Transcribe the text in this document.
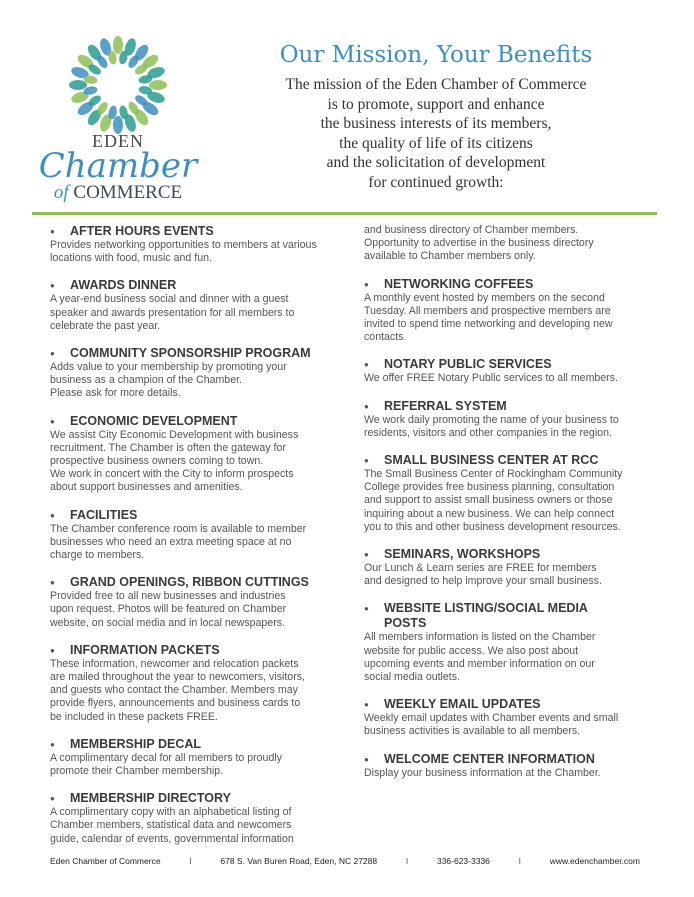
EDEN
Chamber
of COMMERCE
Our Mission, Your Benefits
The mission of the Eden Chamber of Commerce
is to promote, support and enhance
the business interests of its members,
the quality of life of its citizens
and the solicitation of development
for continued growth:
● AFTER HOURS EVENTS
Provides networking opportunities to members at various
locations with food, music and fun.
● AWARDS DINNER
A year-end business social and dinner with a guest
speaker and awards presentation for all members to
celebrate the past year.
● COMMUNITY SPONSORSHIP PROGRAM
Adds value to your membership by promoting your
business as a champion of the Chamber.
Please ask for more details.
● ECONOMIC DEVELOPMENT
We assist City Economic Development with business
recruitment. The Chamber is often the gateway for
prospective business owners coming to town.
We work in concert with the City to inform prospects
about support businesses and amenities.
● FACILITIES
The Chamber conference room is available to member
businesses who need an extra meeting space at no
charge to members.
● GRAND OPENINGS, RIBBON CUTTINGS
Provided free to all new businesses and industries
upon request. Photos will be featured on Chamber
website, on social media and in local newspapers.
● INFORMATION PACKETS
These information, newcomer and relocation packets
are mailed throughout the year to newcomers, visitors,
and guests who contact the Chamber. Members may
provide flyers, announcements and business cards to
be included in these packets FREE.
● MEMBERSHIP DECAL
A complimentary decal for all members to proudly
promote their Chamber membership.
● MEMBERSHIP DIRECTORY
A complimentary copy with an alphabetical listing of
Chamber members, statistical data and newcomers
guide, calendar of events, governmental information
and business directory of Chamber members.
Opportunity to advertise in the business directory
available to Chamber members only.
● NETWORKING COFFEES
A monthly event hosted by members on the second
Tuesday. All members and prospective members are
invited to spend time networking and developing new
contacts.
● NOTARY PUBLIC SERVICES
We offer FREE Notary Public services to all members.
● REFERRAL SYSTEM
We work daily promoting the name of your business to
residents, visitors and other companies in the region.
● SMALL BUSINESS CENTER AT RCC
The Small Business Center of Rockingham Community
College provides free business planning, consultation
and support to assist small business owners or those
inquiring about a new business. We can help connect
you to this and other business development resources.
● SEMINARS, WORKSHOPS
Our Lunch & Learn series are FREE for members
and designed to help improve your small business.
● WEBSITE LISTING/SOCIAL MEDIA
POSTS
All members information is listed on the Chamber
website for public access. We also post about
upcoming events and member information on our
social media outlets.
● WEEKLY EMAIL UPDATES
Weekly email updates with Chamber events and small
business activities is available to all members.
● WELCOME CENTER INFORMATION
Display your business information at the Chamber.
Eden Chamber of Commerce	I	678 S. Van Buren Road, Eden, NC 27288	I	336-623-3336	I	www.edenchamber.com
